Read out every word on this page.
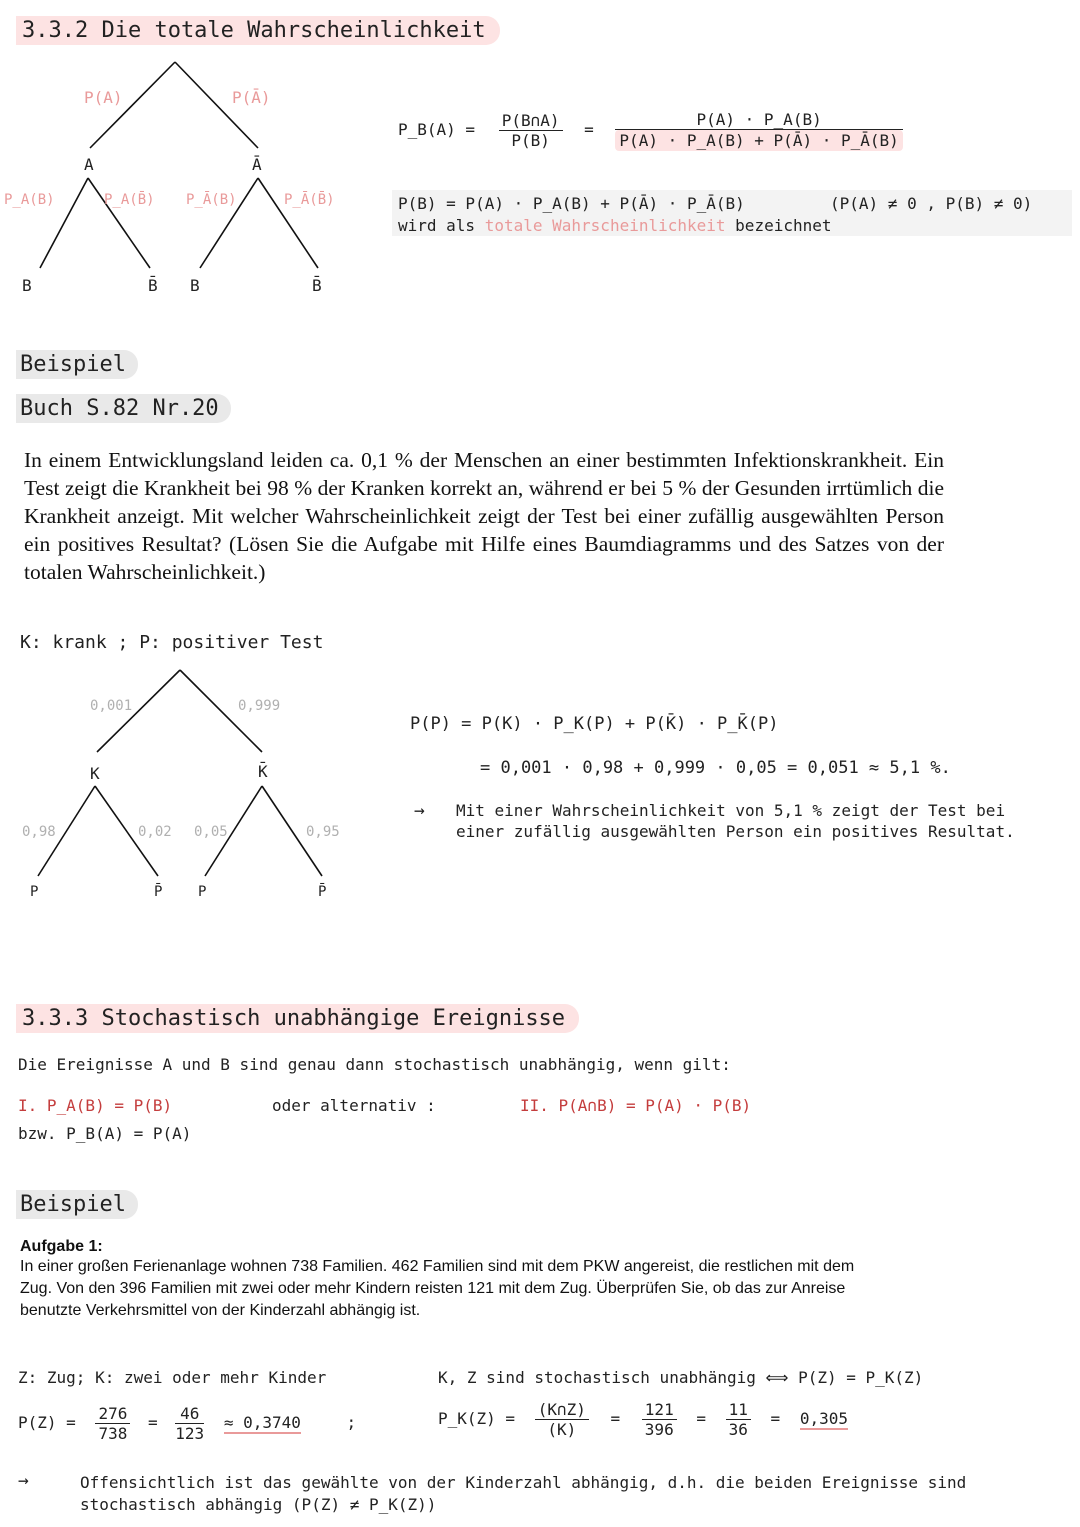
3.3.2 Die totale Wahrscheinlichkeit
P(A)	P(Ā)
A	Ā
P_A(B)	P_A(B̄) P_Ā(B)	P_Ā(B̄)
B	B̄ B	B̄
P_B(A) = $\frac{P(B\cap A)}{P(B)} = \frac{P(A) \cdot P\_A(B)}{P(A) \cdot P\_A(B) + P(Ā) \cdot P\_Ā(B)}$
P(B) = P(A) · P_A(B) + P(Ā) · P_Ā(B)	(P(A) ≠ 0 , P(B) ≠ 0)
wird als totale Wahrscheinlichkeit bezeichnet
Beispiel
Buch S.82 Nr.20
In einem Entwicklungsland leiden ca. 0,1 % der Menschen an einer bestimmten Infektionskrankheit. Ein Test zeigt die Krankheit bei 98 % der Kranken korrekt an, während er bei 5 % der Gesunden irrtümlich die Krankheit anzeigt. Mit welcher Wahrscheinlichkeit zeigt der Test bei einer zufällig ausgewählten Person ein positives Resultat? (Lösen Sie die Aufgabe mit Hilfe eines Baumdiagramms und des Satzes von der totalen Wahrscheinlichkeit.)
K: krank ; P: positiver Test
0,001	0,999
K	K̄
0,98	0,02 0,05	0,95
P	P̄	P	P̄
P(P) = P(K) · P_K(P) + P(K̄) · P_K̄(P)
= 0,001 · 0,98 + 0,999 · 0,05 = 0,051 ≈ 5,1 %.
→ Mit einer Wahrscheinlichkeit von 5,1 % zeigt der Test bei einer zufällig ausgewählten Person ein positives Resultat.
3.3.3 Stochastisch unabhängige Ereignisse
Die Ereignisse A und B sind genau dann stochastisch unabhängig, wenn gilt:
I. P_A(B) = P(B)
bzw. P_B(A) = P(A)
oder alternativ :	II. P(A∩B) = P(A) · P(B)
Beispiel
Aufgabe 1:
In einer großen Ferienanlage wohnen 738 Familien. 462 Familien sind mit dem PKW angereist, die restlichen mit dem Zug. Von den 396 Familien mit zwei oder mehr Kindern reisten 121 mit dem Zug. Überprüfen Sie, ob das zur Anreise benutzte Verkehrsmittel von der Kinderzahl abhängig ist.
Z: Zug; K: zwei oder mehr Kinder
$P(Z) = \frac{276}{738} = \frac{46}{123} \approx 0,3740$	;
K, Z sind stochastisch unabhängig ⟺ P(Z) = P_K(Z)
P_K(Z) = $\frac{(K\cap Z)}{(K)} = \frac{121}{396} = \frac{11}{36} = 0,305$
→	Offensichtlich ist das gewählte von der Kinderzahl abhängig, d.h. die beiden Ereignisse sind stochastisch abhängig (P(Z) ≠ P_K(Z))
